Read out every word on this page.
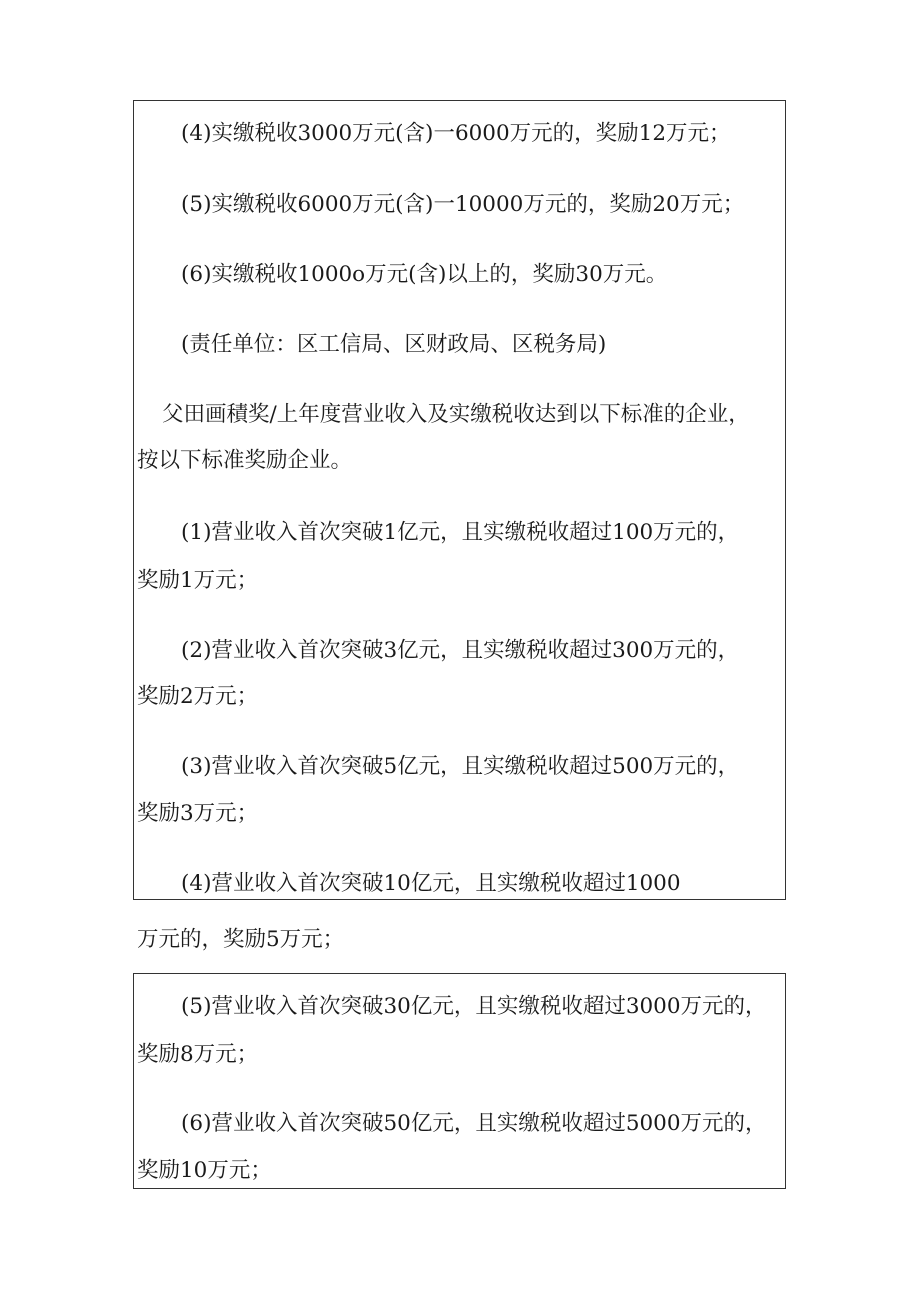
(4)实缴税收3000万元(含)一6000万元的，奖励12万元；
(5)实缴税收6000万元(含)一10000万元的，奖励20万元；
(6)实缴税收1000o万元(含)以上的，奖励30万元。
(责任单位：区工信局、区财政局、区税务局)
父田画積奖/上年度营业收入及实缴税收达到以下标准的企业，
按以下标准奖励企业。
(1)营业收入首次突破1亿元，且实缴税收超过100万元的，
奖励1万元；
(2)营业收入首次突破3亿元，且实缴税收超过300万元的，
奖励2万元；
(3)营业收入首次突破5亿元，且实缴税收超过500万元的，
奖励3万元；
(4)营业收入首次突破10亿元，且实缴税收超过1000
万元的，奖励5万元；
(5)营业收入首次突破30亿元，且实缴税收超过3000万元的，
奖励8万元；
(6)营业收入首次突破50亿元，且实缴税收超过5000万元的，
奖励10万元；
